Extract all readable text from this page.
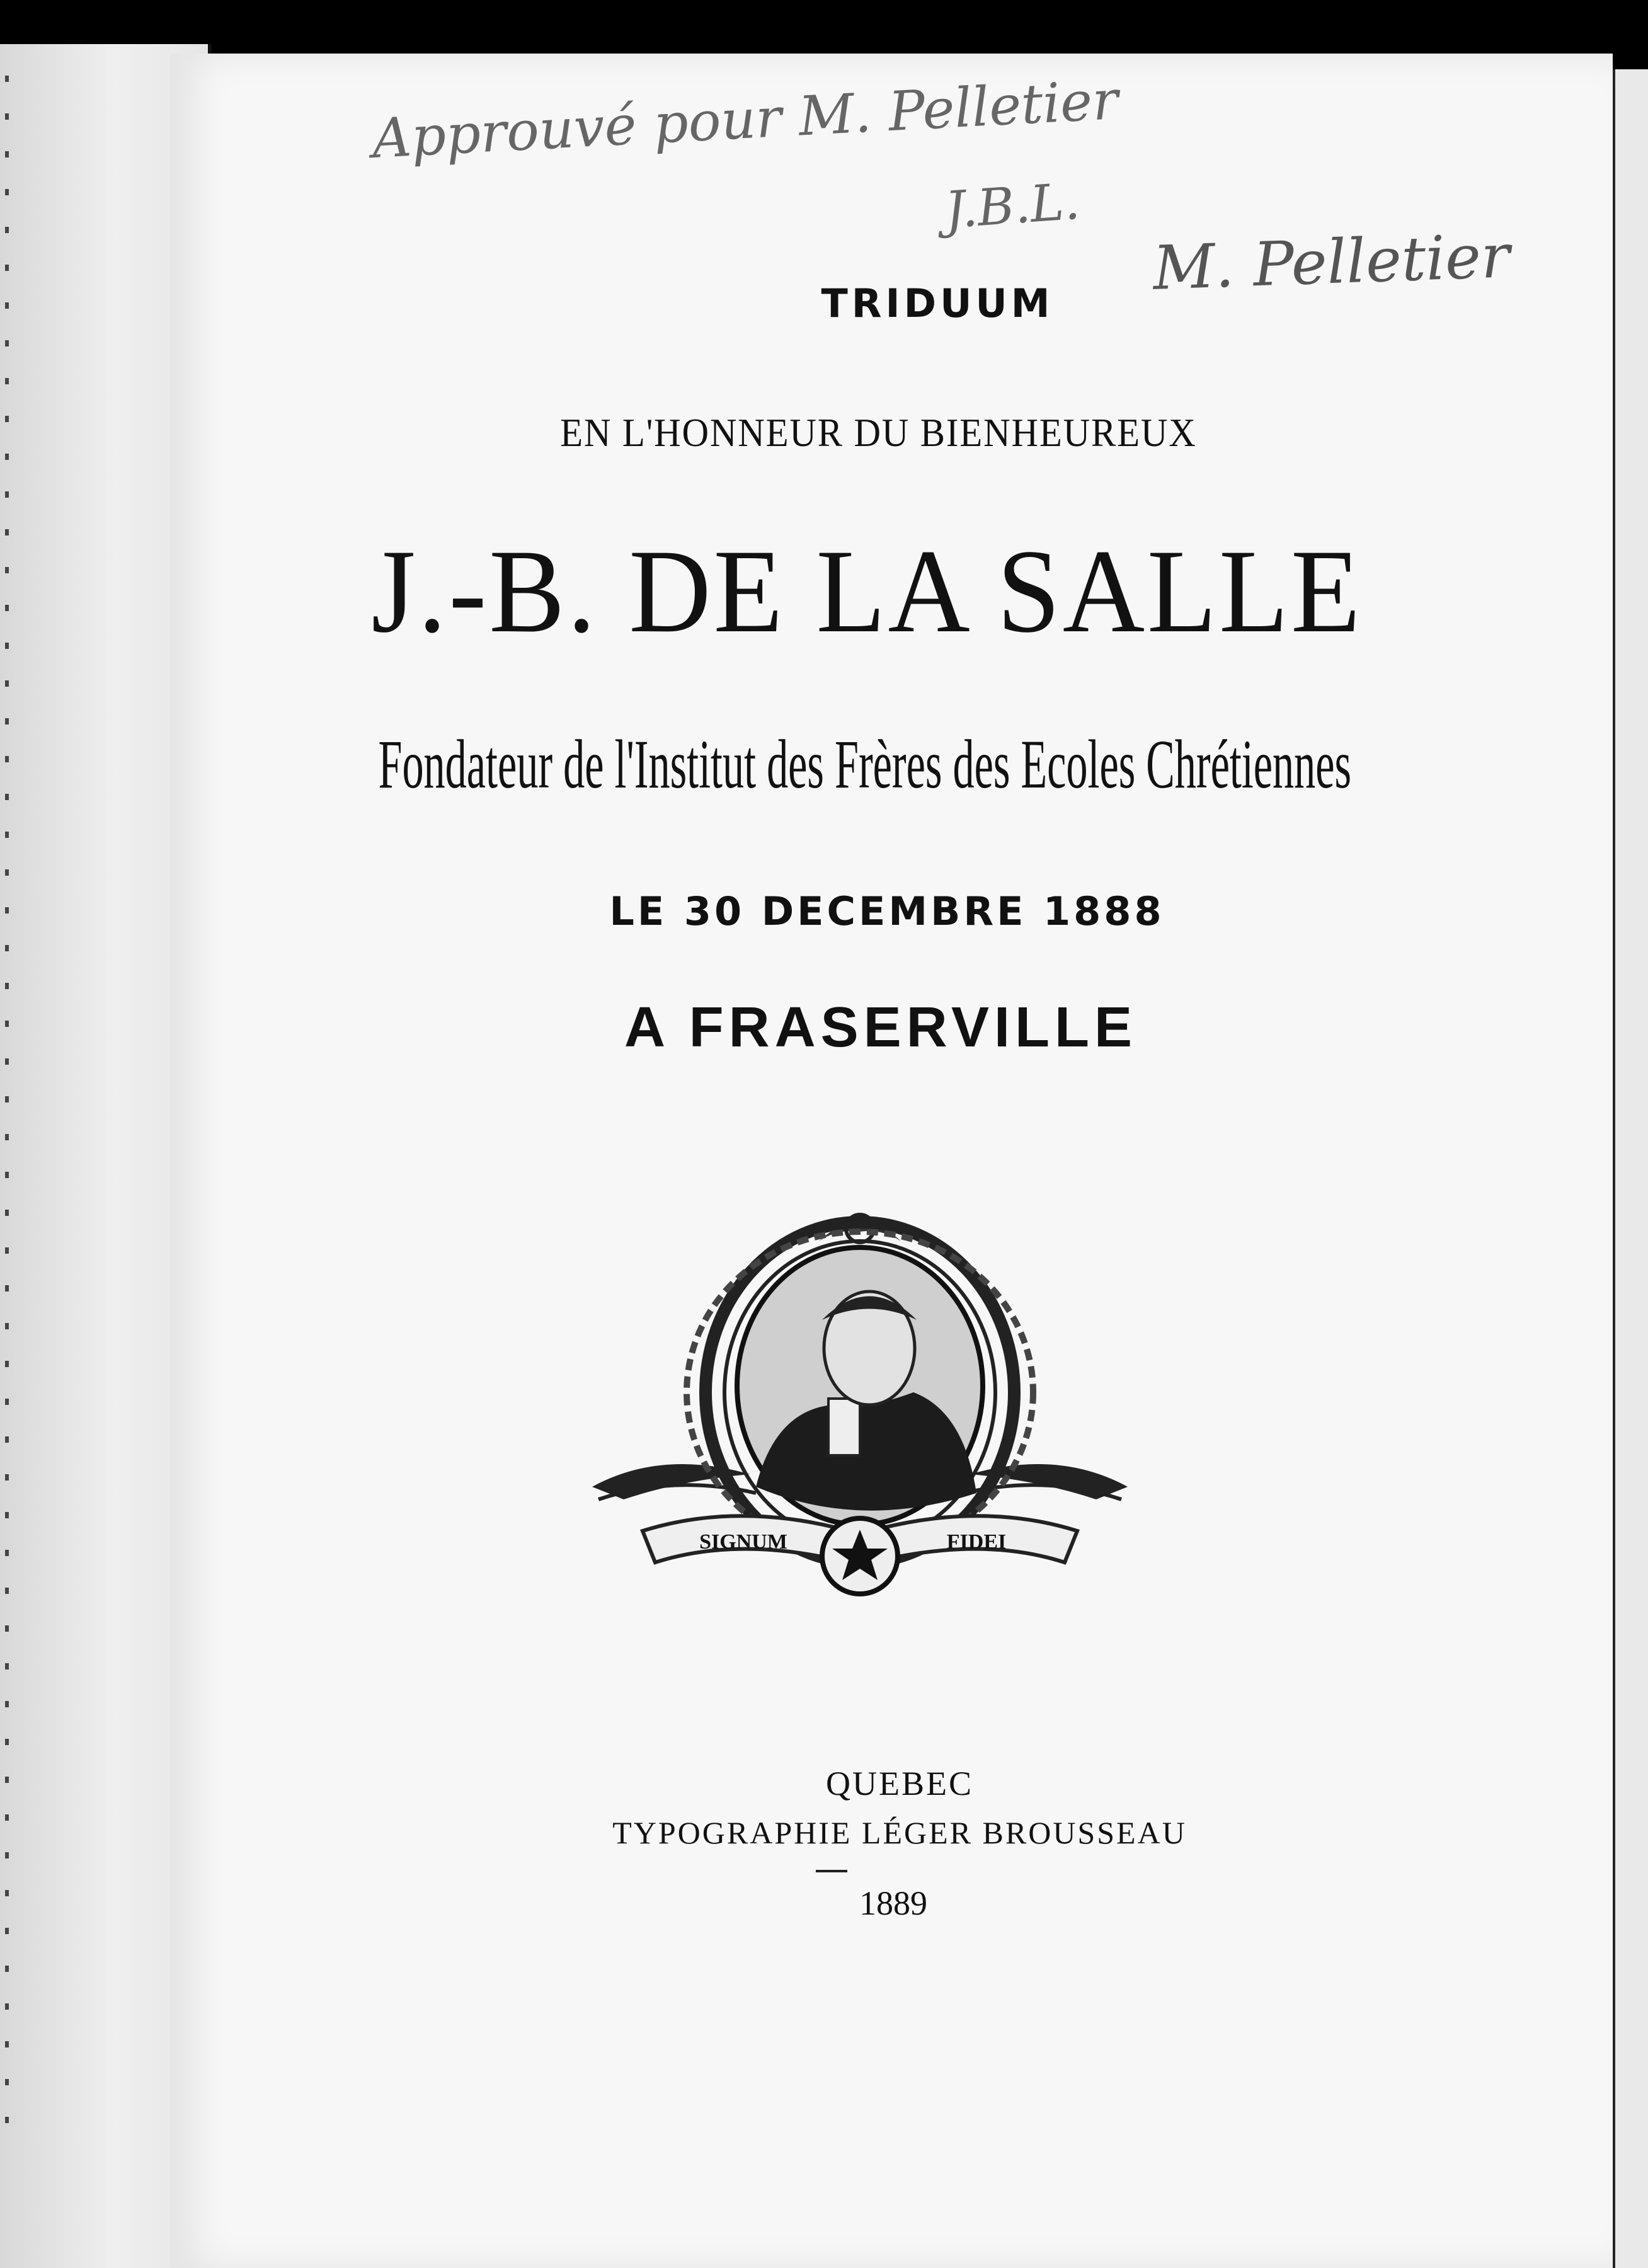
Approuvé pour M. Pelletier

J.B.L.

M. Pelletier

TRIDUUM

EN L'HONNEUR DU BIENHEUREUX

J.-B. DE LA SALLE

Fondateur de l'Institut des Frères des Ecoles Chrétiennes

LE 30 DECEMBRE 1888

A FRASERVILLE

SIGNUM	FIDEI

QUEBEC

TYPOGRAPHIE LÉGER BROUSSEAU

1889
